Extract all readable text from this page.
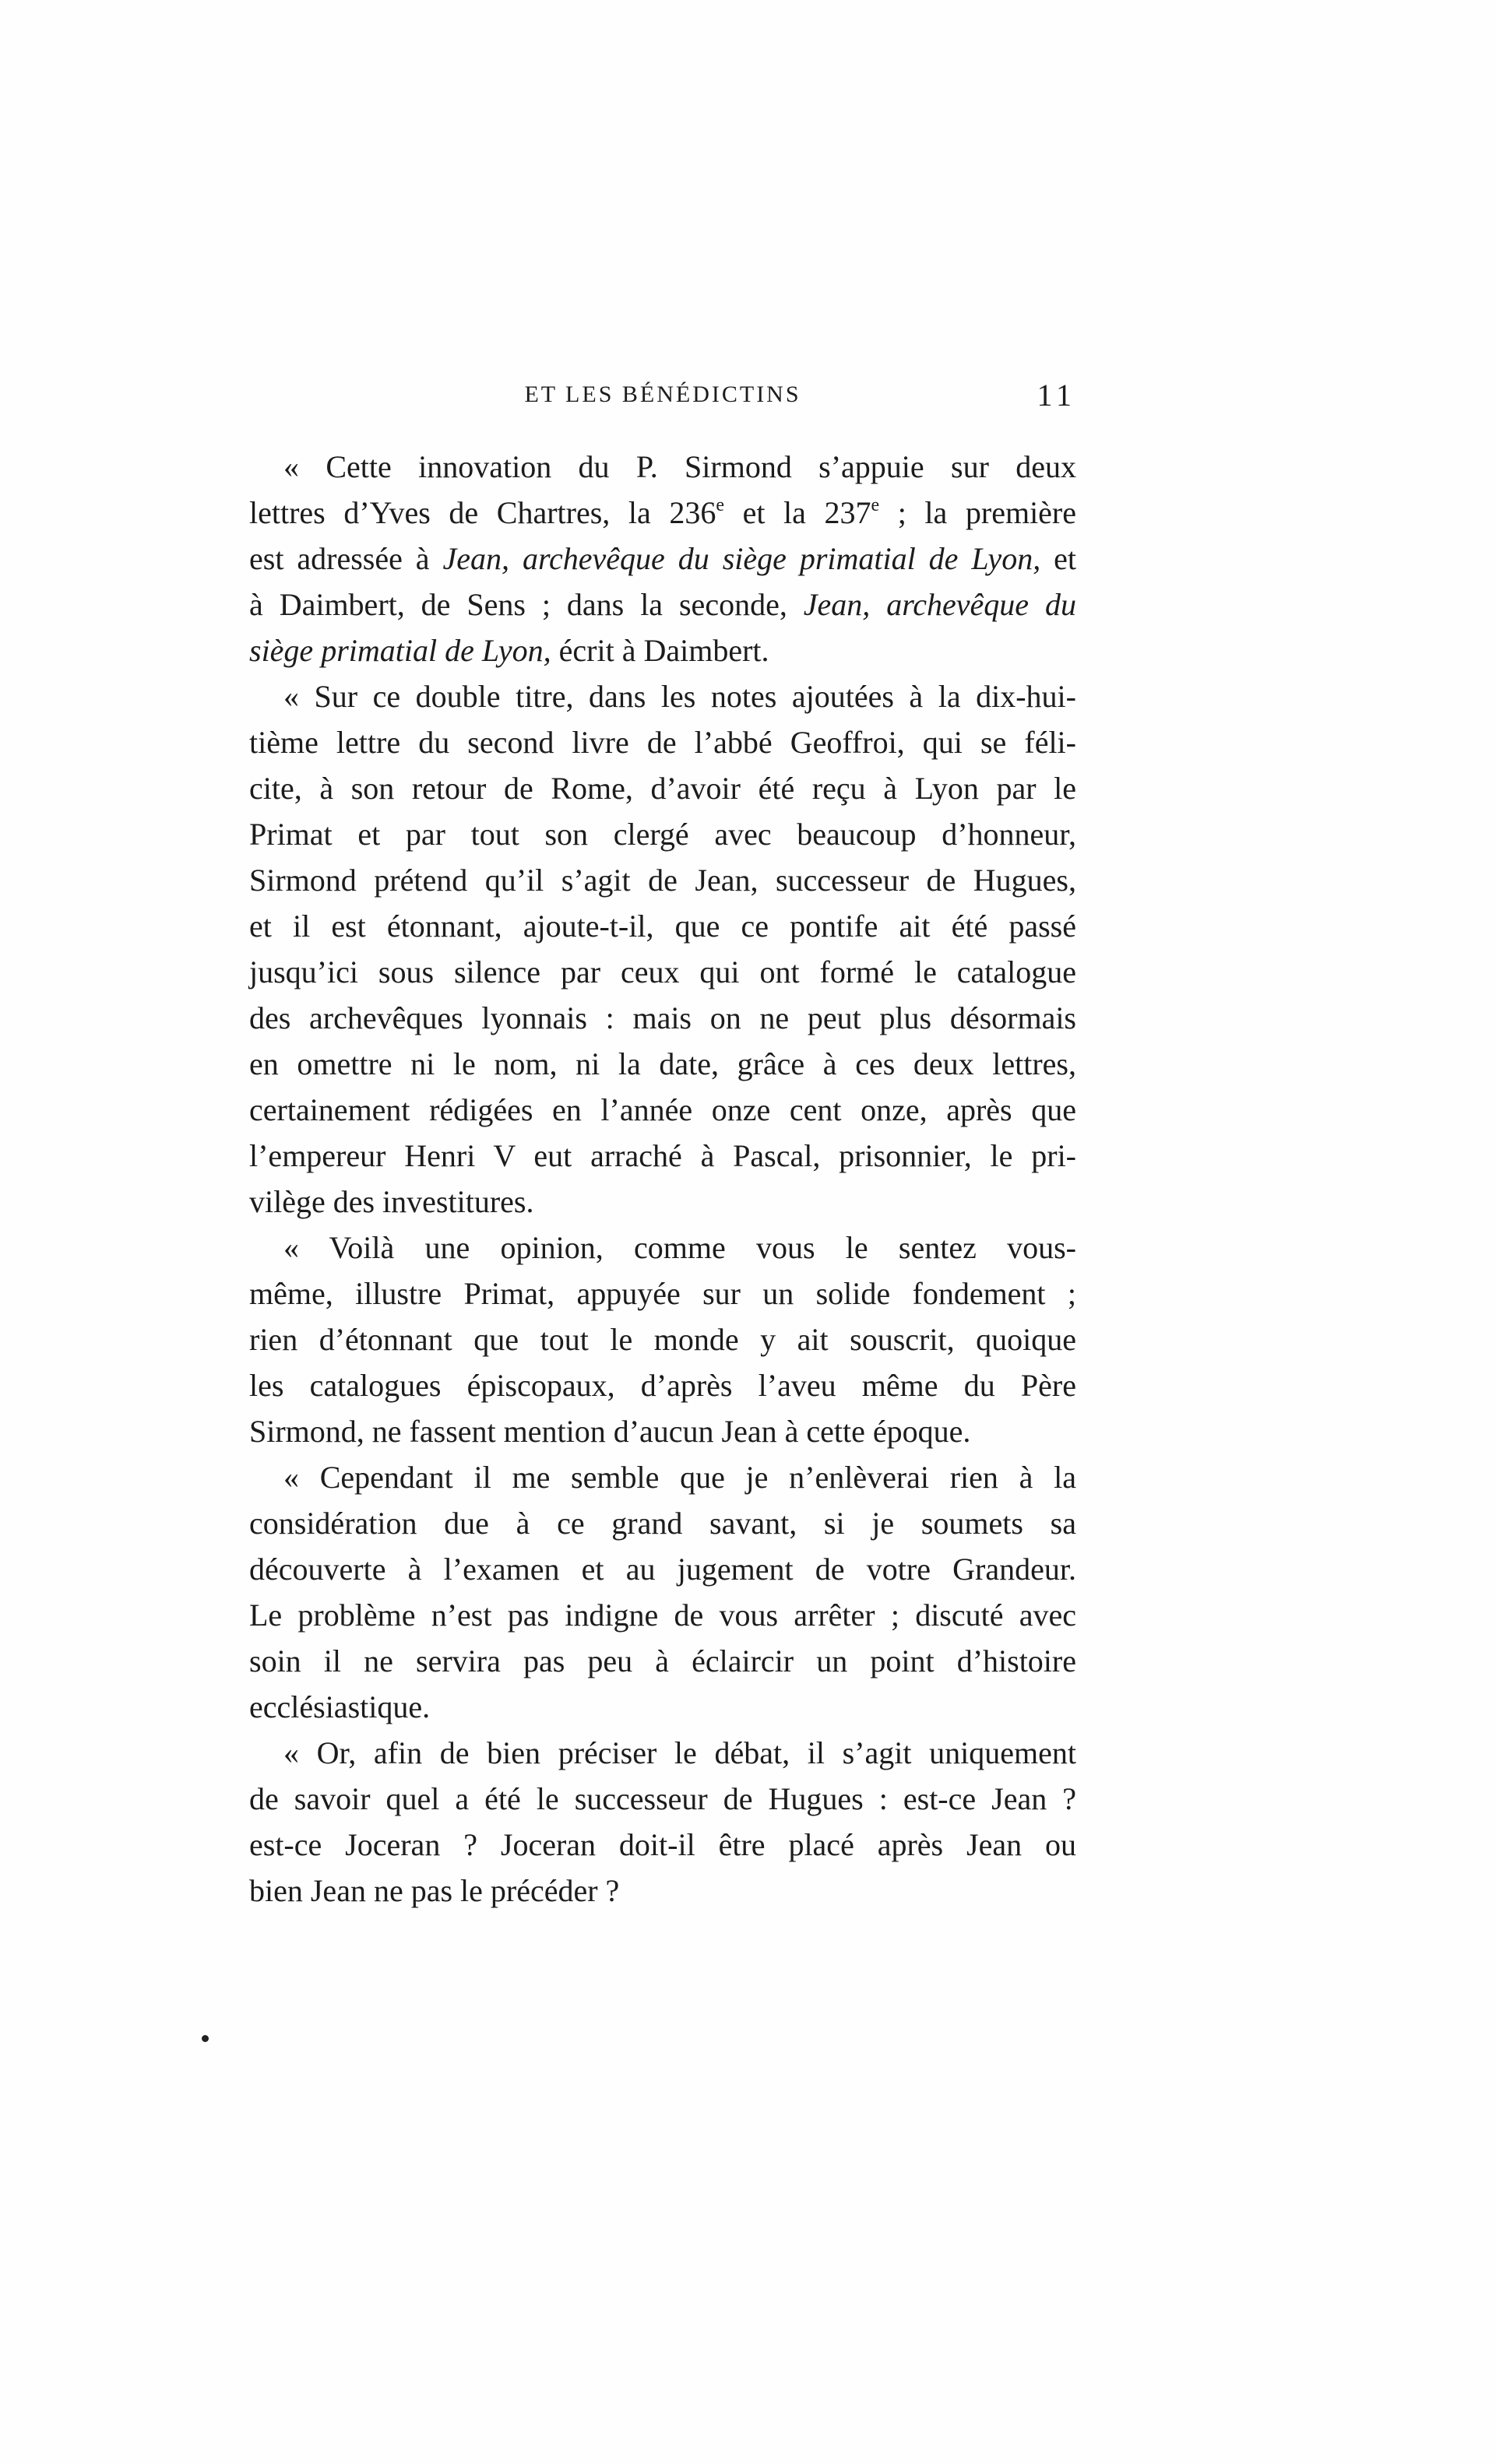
ET LES BÉNÉDICTINS	11

« Cette innovation du P. Sirmond s’appuie sur deux
lettres d’Yves de Chartres, la 236e et la 237e ; la première
est adressée à Jean, archevêque du siège primatial de Lyon, et
à Daimbert, de Sens ; dans la seconde, Jean, archevêque du
siège primatial de Lyon, écrit à Daimbert.

« Sur ce double titre, dans les notes ajoutées à la dix-hui-
tième lettre du second livre de l’abbé Geoffroi, qui se féli-
cite, à son retour de Rome, d’avoir été reçu à Lyon par le
Primat et par tout son clergé avec beaucoup d’honneur,
Sirmond prétend qu’il s’agit de Jean, successeur de Hugues,
et il est étonnant, ajoute-t-il, que ce pontife ait été passé
jusqu’ici sous silence par ceux qui ont formé le catalogue
des archevêques lyonnais : mais on ne peut plus désormais
en omettre ni le nom, ni la date, grâce à ces deux lettres,
certainement rédigées en l’année onze cent onze, après que
l’empereur Henri V eut arraché à Pascal, prisonnier, le pri-
vilège des investitures.

« Voilà une opinion, comme vous le sentez vous-
même, illustre Primat, appuyée sur un solide fondement ;
rien d’étonnant que tout le monde y ait souscrit, quoique
les catalogues épiscopaux, d’après l’aveu même du Père
Sirmond, ne fassent mention d’aucun Jean à cette époque.

« Cependant il me semble que je n’enlèverai rien à la
considération due à ce grand savant, si je soumets sa
découverte à l’examen et au jugement de votre Grandeur.
Le problème n’est pas indigne de vous arrêter ; discuté avec
soin il ne servira pas peu à éclaircir un point d’histoire
ecclésiastique.

« Or, afin de bien préciser le débat, il s’agit uniquement
de savoir quel a été le successeur de Hugues : est-ce Jean ?
est-ce Joceran ? Joceran doit-il être placé après Jean ou
bien Jean ne pas le précéder ?
